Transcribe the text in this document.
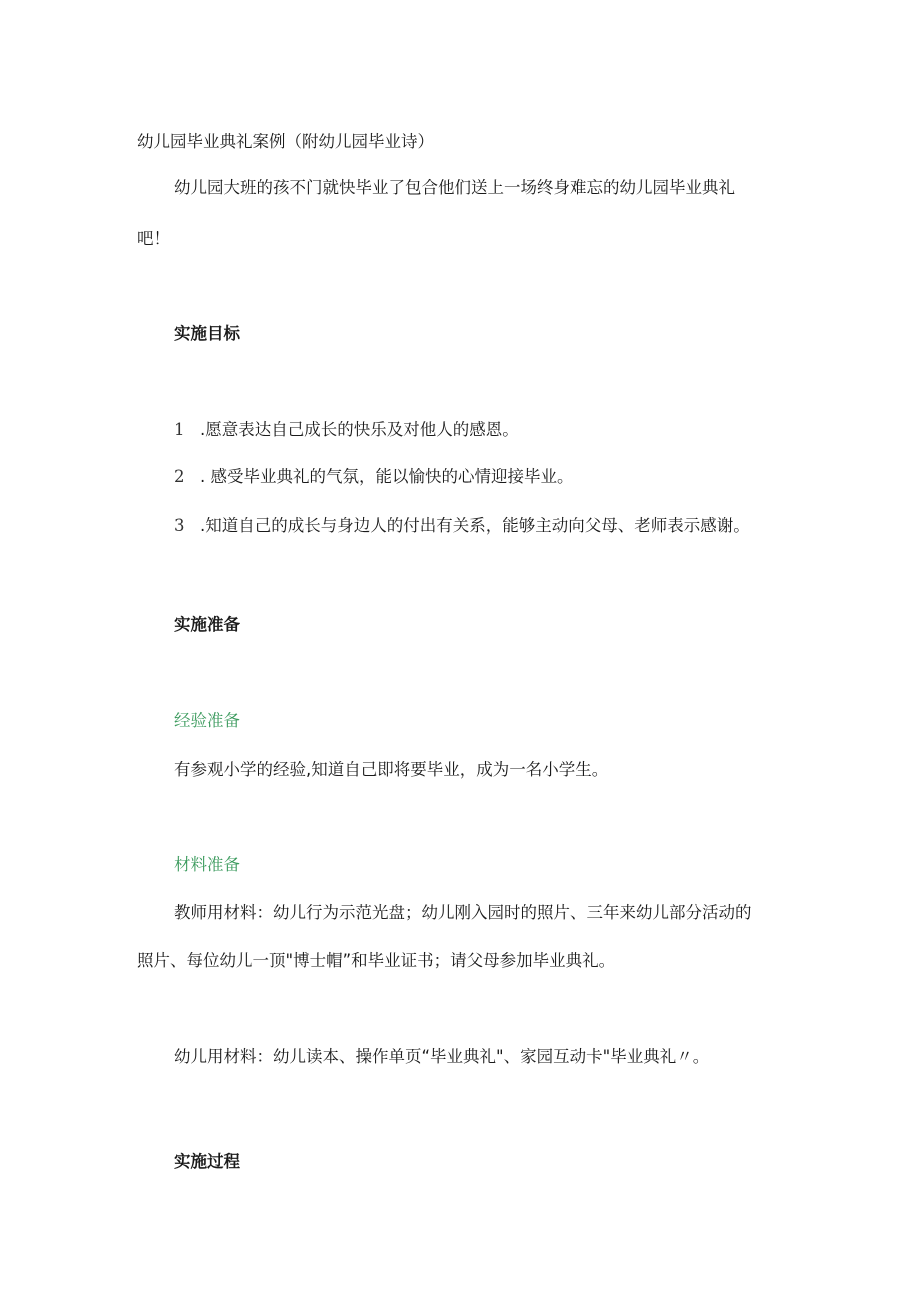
幼儿园毕业典礼案例（附幼儿园毕业诗）

幼儿园大班的孩不门就快毕业了包合他们送上一场终身难忘的幼儿园毕业典礼

吧！

实施目标

1 .愿意表达自己成长的快乐及对他人的感恩。

2 . 感受毕业典礼的气氛，能以愉快的心情迎接毕业。

3 .知道自己的成长与身边人的付出有关系，能够主动向父母、老师表示感谢。

实施准备

经验准备

有参观小学的经验,知道自己即将要毕业，成为一名小学生。

材料准备

教师用材料：幼儿行为示范光盘；幼儿刚入园时的照片、三年来幼儿部分活动的

照片、每位幼儿一顶"博士帽”和毕业证书；请父母参加毕业典礼。

幼儿用材料：幼儿读本、操作单页“毕业典礼"、家园互动卡"毕业典礼〃。

实施过程
